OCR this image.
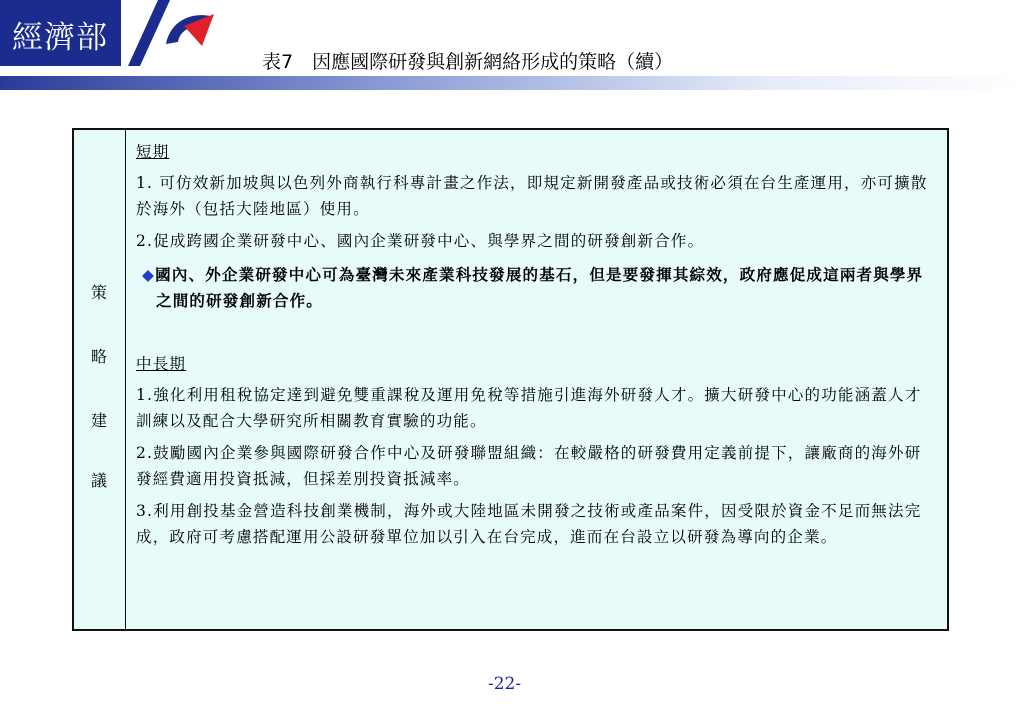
經濟部
表7　因應國際研發與創新網絡形成的策略（續）
策
略
建
議
短期

1. 可仿效新加坡與以色列外商執行科專計畫之作法，即規定新開發產品或技術必須在台生產運用，亦可擴散於海外（包括大陸地區）使用。

2.促成跨國企業研發中心、國內企業研發中心、與學界之間的研發創新合作。

◆國內、外企業研發中心可為臺灣未來產業科技發展的基石，但是要發揮其綜效，政府應促成這兩者與學界之間的研發創新合作。

中長期

1.強化利用租稅協定達到避免雙重課稅及運用免稅等措施引進海外研發人才。擴大研發中心的功能涵蓋人才訓練以及配合大學研究所相關教育實驗的功能。

2.鼓勵國內企業參與國際研發合作中心及研發聯盟組織：在較嚴格的研發費用定義前提下，讓廠商的海外研發經費適用投資抵減，但採差別投資抵減率。

3.利用創投基金營造科技創業機制，海外或大陸地區未開發之技術或產品案件，因受限於資金不足而無法完成，政府可考慮搭配運用公設研發單位加以引入在台完成，進而在台設立以研發為導向的企業。

-22-
